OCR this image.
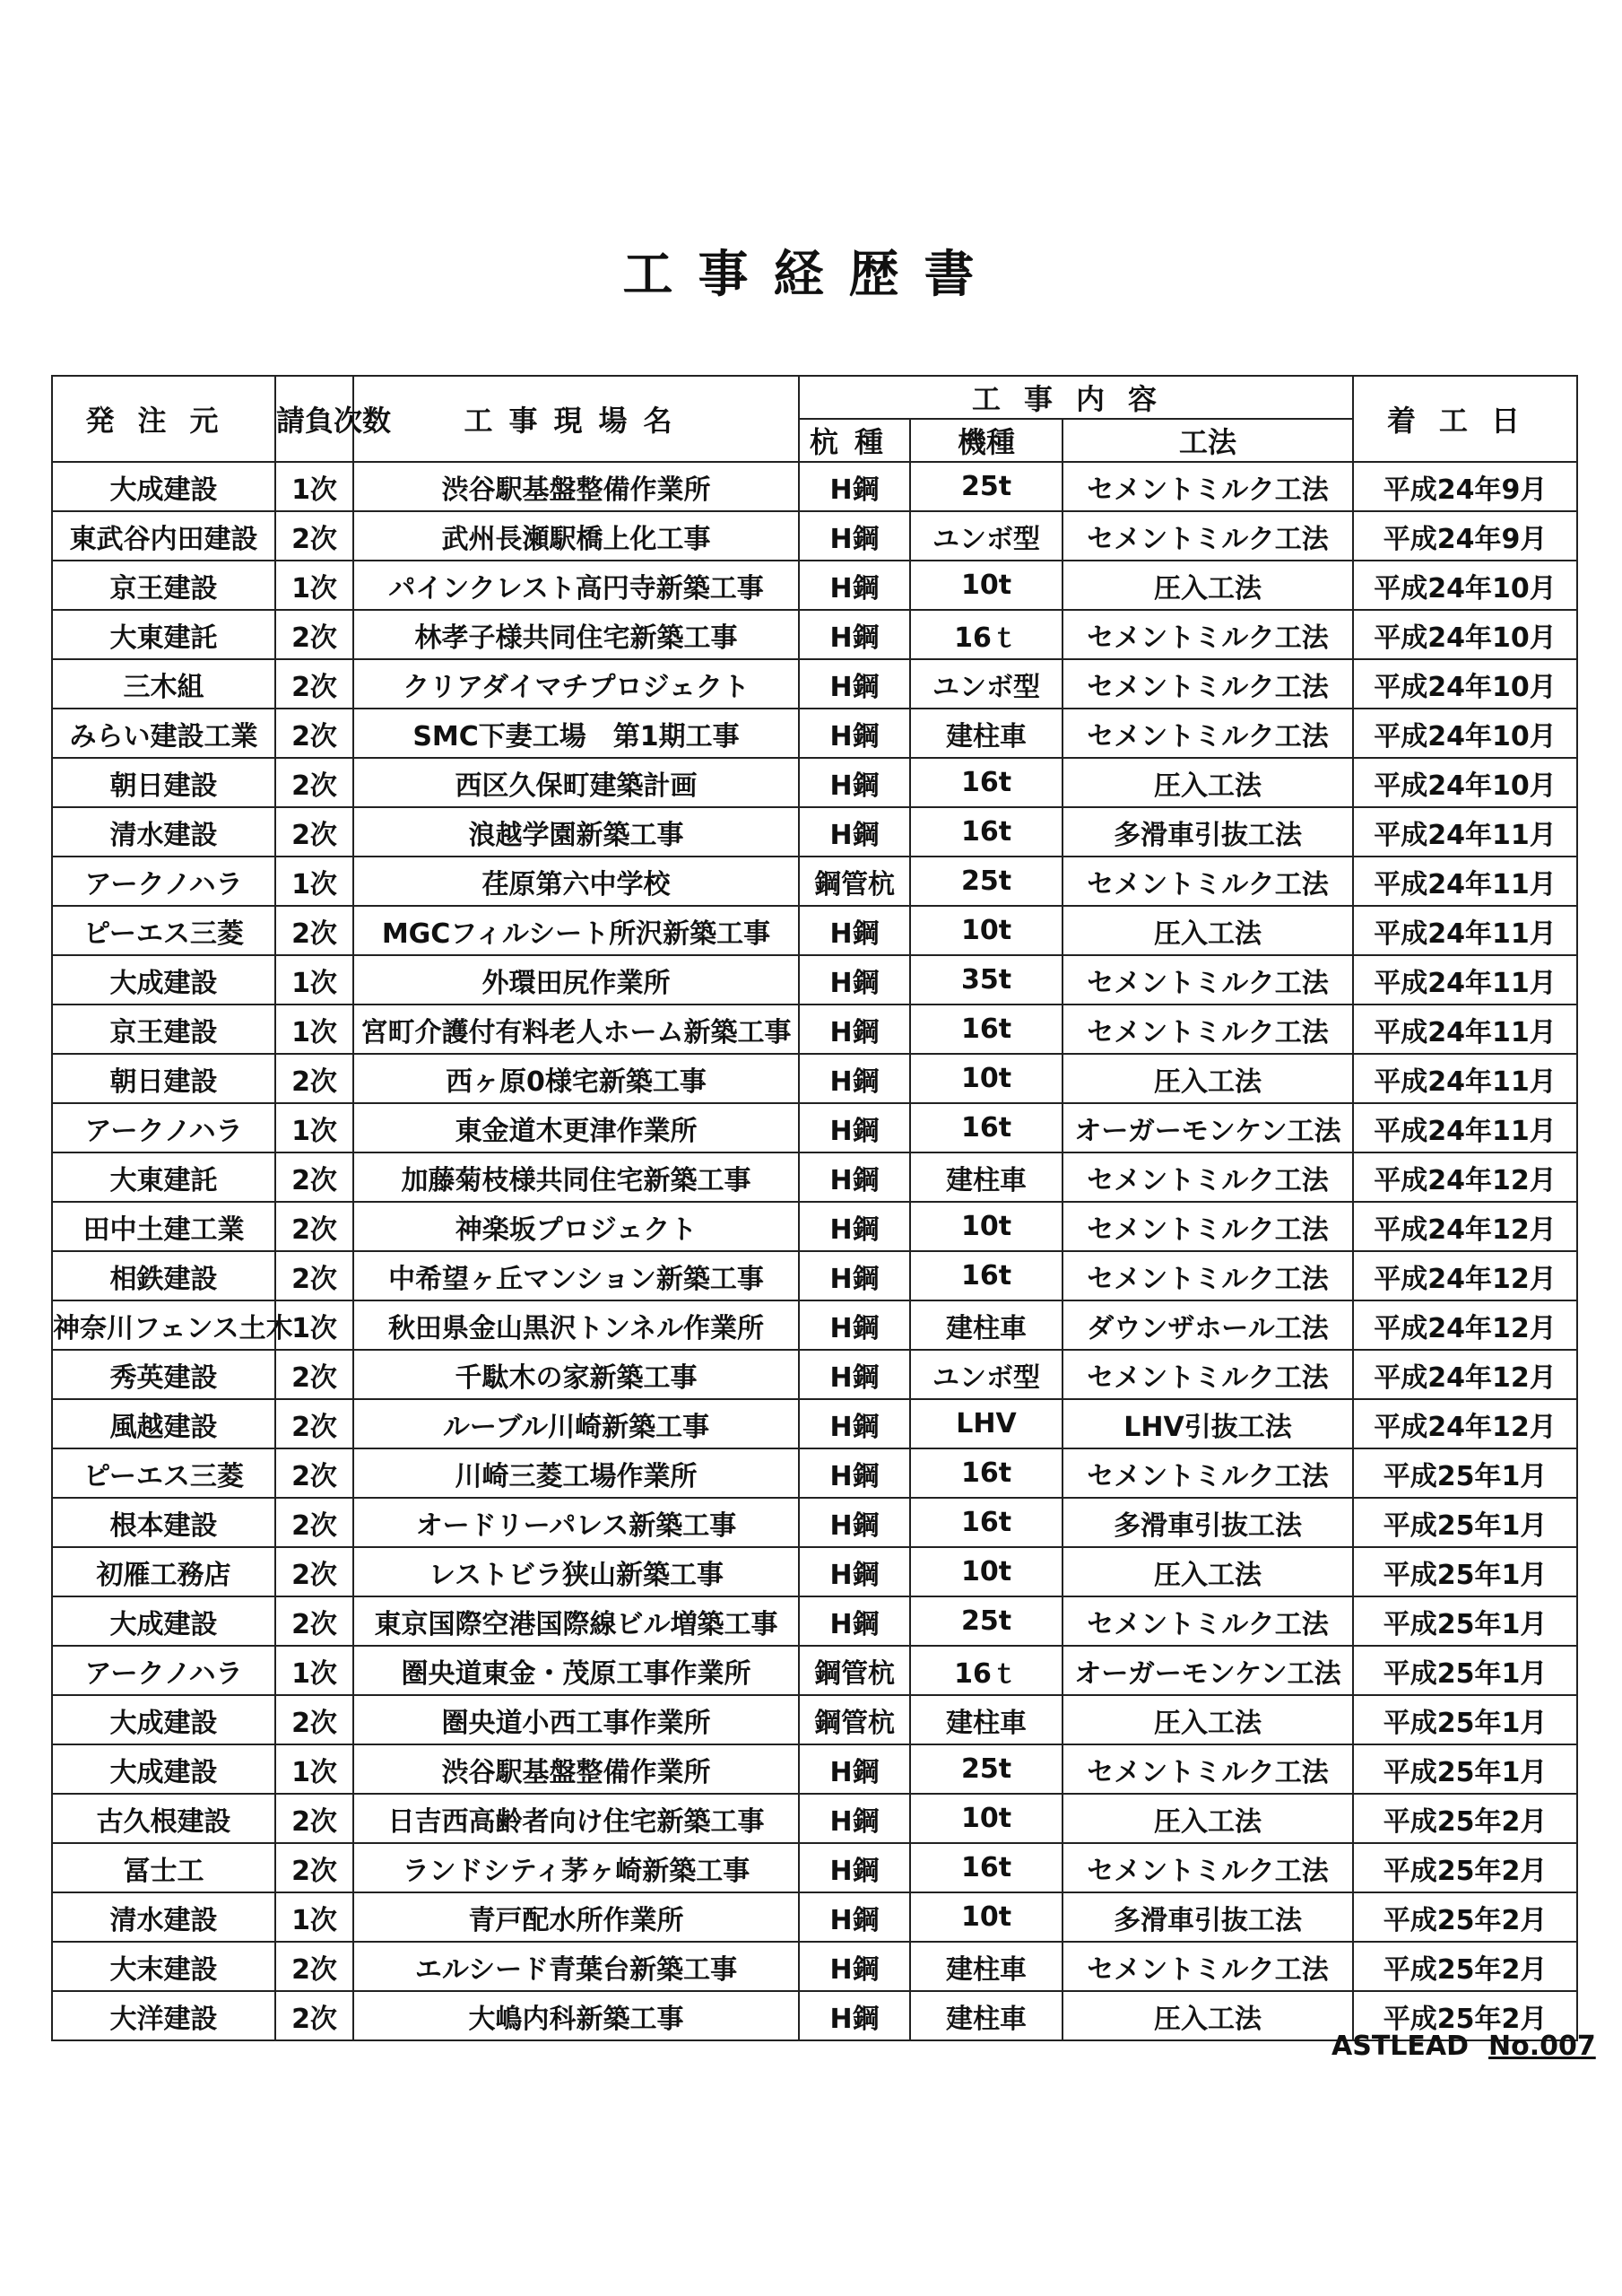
工事経歴書
発注元	請負次数	工事現場名	工事内容			着工日
			杭種	機種	工法	
大成建設	1次	渋谷駅基盤整備作業所	H鋼	25t	セメントミルク工法	平成24年9月
東武谷内田建設	2次	武州長瀬駅橋上化工事	H鋼	ユンボ型	セメントミルク工法	平成24年9月
京王建設	1次	パインクレスト高円寺新築工事	H鋼	10t	圧入工法	平成24年10月
大東建託	2次	林孝子様共同住宅新築工事	H鋼	16ｔ	セメントミルク工法	平成24年10月
三木組	2次	クリアダイマチプロジェクト	H鋼	ユンボ型	セメントミルク工法	平成24年10月
みらい建設工業	2次	SMC下妻工場　第1期工事	H鋼	建柱車	セメントミルク工法	平成24年10月
朝日建設	2次	西区久保町建築計画	H鋼	16t	圧入工法	平成24年10月
清水建設	2次	浪越学園新築工事	H鋼	16t	多滑車引抜工法	平成24年11月
アークノハラ	1次	荏原第六中学校	鋼管杭	25t	セメントミルク工法	平成24年11月
ピーエス三菱	2次	MGCフィルシート所沢新築工事	H鋼	10t	圧入工法	平成24年11月
大成建設	1次	外環田尻作業所	H鋼	35t	セメントミルク工法	平成24年11月
京王建設	1次	宮町介護付有料老人ホーム新築工事	H鋼	16t	セメントミルク工法	平成24年11月
朝日建設	2次	西ヶ原0様宅新築工事	H鋼	10t	圧入工法	平成24年11月
アークノハラ	1次	東金道木更津作業所	H鋼	16t	オーガーモンケン工法	平成24年11月
大東建託	2次	加藤菊枝様共同住宅新築工事	H鋼	建柱車	セメントミルク工法	平成24年12月
田中土建工業	2次	神楽坂プロジェクト	H鋼	10t	セメントミルク工法	平成24年12月
相鉄建設	2次	中希望ヶ丘マンション新築工事	H鋼	16t	セメントミルク工法	平成24年12月
神奈川フェンス土木	1次	秋田県金山黒沢トンネル作業所	H鋼	建柱車	ダウンザホール工法	平成24年12月
秀英建設	2次	千駄木の家新築工事	H鋼	ユンボ型	セメントミルク工法	平成24年12月
風越建設	2次	ルーブル川崎新築工事	H鋼	LHV	LHV引抜工法	平成24年12月
ピーエス三菱	2次	川崎三菱工場作業所	H鋼	16t	セメントミルク工法	平成25年1月
根本建設	2次	オードリーパレス新築工事	H鋼	16t	多滑車引抜工法	平成25年1月
初雁工務店	2次	レストビラ狭山新築工事	H鋼	10t	圧入工法	平成25年1月
大成建設	2次	東京国際空港国際線ビル増築工事	H鋼	25t	セメントミルク工法	平成25年1月
アークノハラ	1次	圏央道東金・茂原工事作業所	鋼管杭	16ｔ	オーガーモンケン工法	平成25年1月
大成建設	2次	圏央道小西工事作業所	鋼管杭	建柱車	圧入工法	平成25年1月
大成建設	1次	渋谷駅基盤整備作業所	H鋼	25t	セメントミルク工法	平成25年1月
古久根建設	2次	日吉西高齢者向け住宅新築工事	H鋼	10t	圧入工法	平成25年2月
冨士工	2次	ランドシティ茅ヶ崎新築工事	H鋼	16t	セメントミルク工法	平成25年2月
清水建設	1次	青戸配水所作業所	H鋼	10t	多滑車引抜工法	平成25年2月
大末建設	2次	エルシード青葉台新築工事	H鋼	建柱車	セメントミルク工法	平成25年2月
大洋建設	2次	大嶋内科新築工事	H鋼	建柱車	圧入工法	平成25年2月
ASTLEAD No.007
